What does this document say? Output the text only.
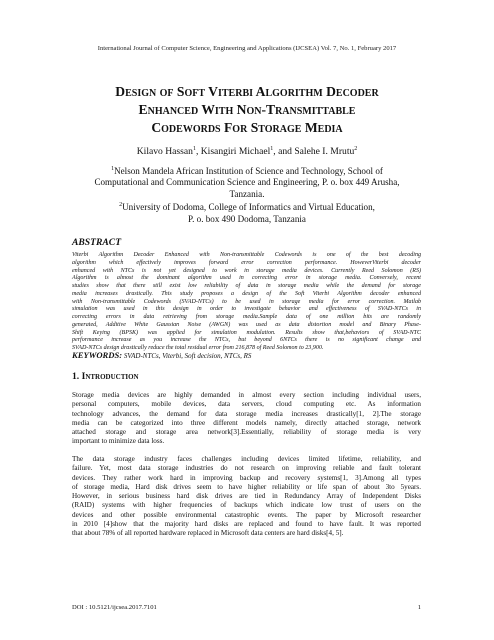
International Journal of Computer Science, Engineering and Applications (IJCSEA) Vol. 7, No. 1, February 2017
Design of Soft Viterbi Algorithm Decoder
Enhanced With Non-Transmittable
Codewords For Storage Media
Kilavo Hassan$^1$, Kisangiri Michael$^1$, and Salehe I. Mrutu$^2$
$^1$Nelson Mandela African Institution of Science and Technology, School of
Computational and Communication Science and Engineering, P. o. box 449 Arusha,
Tanzania.
$^2$University of Dodoma, College of Informatics and Virtual Education,
P. o. box 490 Dodoma, Tanzania
ABSTRACT
Viterbi Algorithm Decoder Enhanced with Non-transmittable Codewords is one of the best decoding
algorithm which effectively improves forward error correction performance. HoweverViterbi decoder
enhanced with NTCs is not yet designed to work in storage media devices. Currently Reed Solomon (RS)
Algorithm is almost the dominant algorithm used in correcting error in storage media. Conversely, recent
studies show that there still exist low reliability of data in storage media while the demand for storage
media increases drastically. This study proposes a design of the Soft Viterbi Algorithm decoder enhanced
with Non-transmittable Codewords (SVAD-NTCs) to be used in storage media for error correction. Matlab
simulation was used in this design in order to investigate behavior and effectiveness of SVAD-NTCs in
correcting errors in data retrieving from storage media.Sample data of one million bits are randomly
generated, Additive White Gaussian Noise (AWGN) was used as data distortion model and Binary Phase-
Shift Keying (BPSK) was applied for simulation modulation. Results show that,behaviors of SVAD-NTC
performance increase as you increase the NTCs, but beyond 6NTCs there is no significant change and
SVAD-NTCs design drastically reduce the total residual error from 216,878 of Reed Solomon to 23,900.
KEYWORDS: SVAD-NTCs, Viterbi, Soft decision, NTCs, RS
1. Introduction
Storage media devices are highly demanded in almost every section including individual users,
personal computers, mobile devices, data servers, cloud computing etc. As information
technology advances, the demand for data storage media increases drastically[1, 2].The storage
media can be categorized into three different models namely, directly attached storage, network
attached storage and storage area network[3].Essentially, reliability of storage media is very
important to minimize data loss.
The data storage industry faces challenges including devices limited lifetime, reliability, and
failure. Yet, most data storage industries do not research on improving reliable and fault tolerant
devices. They rather work hard in improving backup and recovery systems[1, 3].Among all types
of storage media, Hard disk drives seem to have higher reliability or life span of about 3to 5years.
However, in serious business hard disk drives are tied in Redundancy Array of Independent Disks
(RAID) systems with higher frequencies of backups which indicate low trust of users on the
devices and other possible environmental catastrophic events. The paper by Microsoft researcher
in 2010 [4]show that the majority hard disks are replaced and found to have fault. It was reported
that about 78% of all reported hardware replaced in Microsoft data centers are hard disks[4, 5].
DOI : 10.5121/ijcsea.2017.7101	1
